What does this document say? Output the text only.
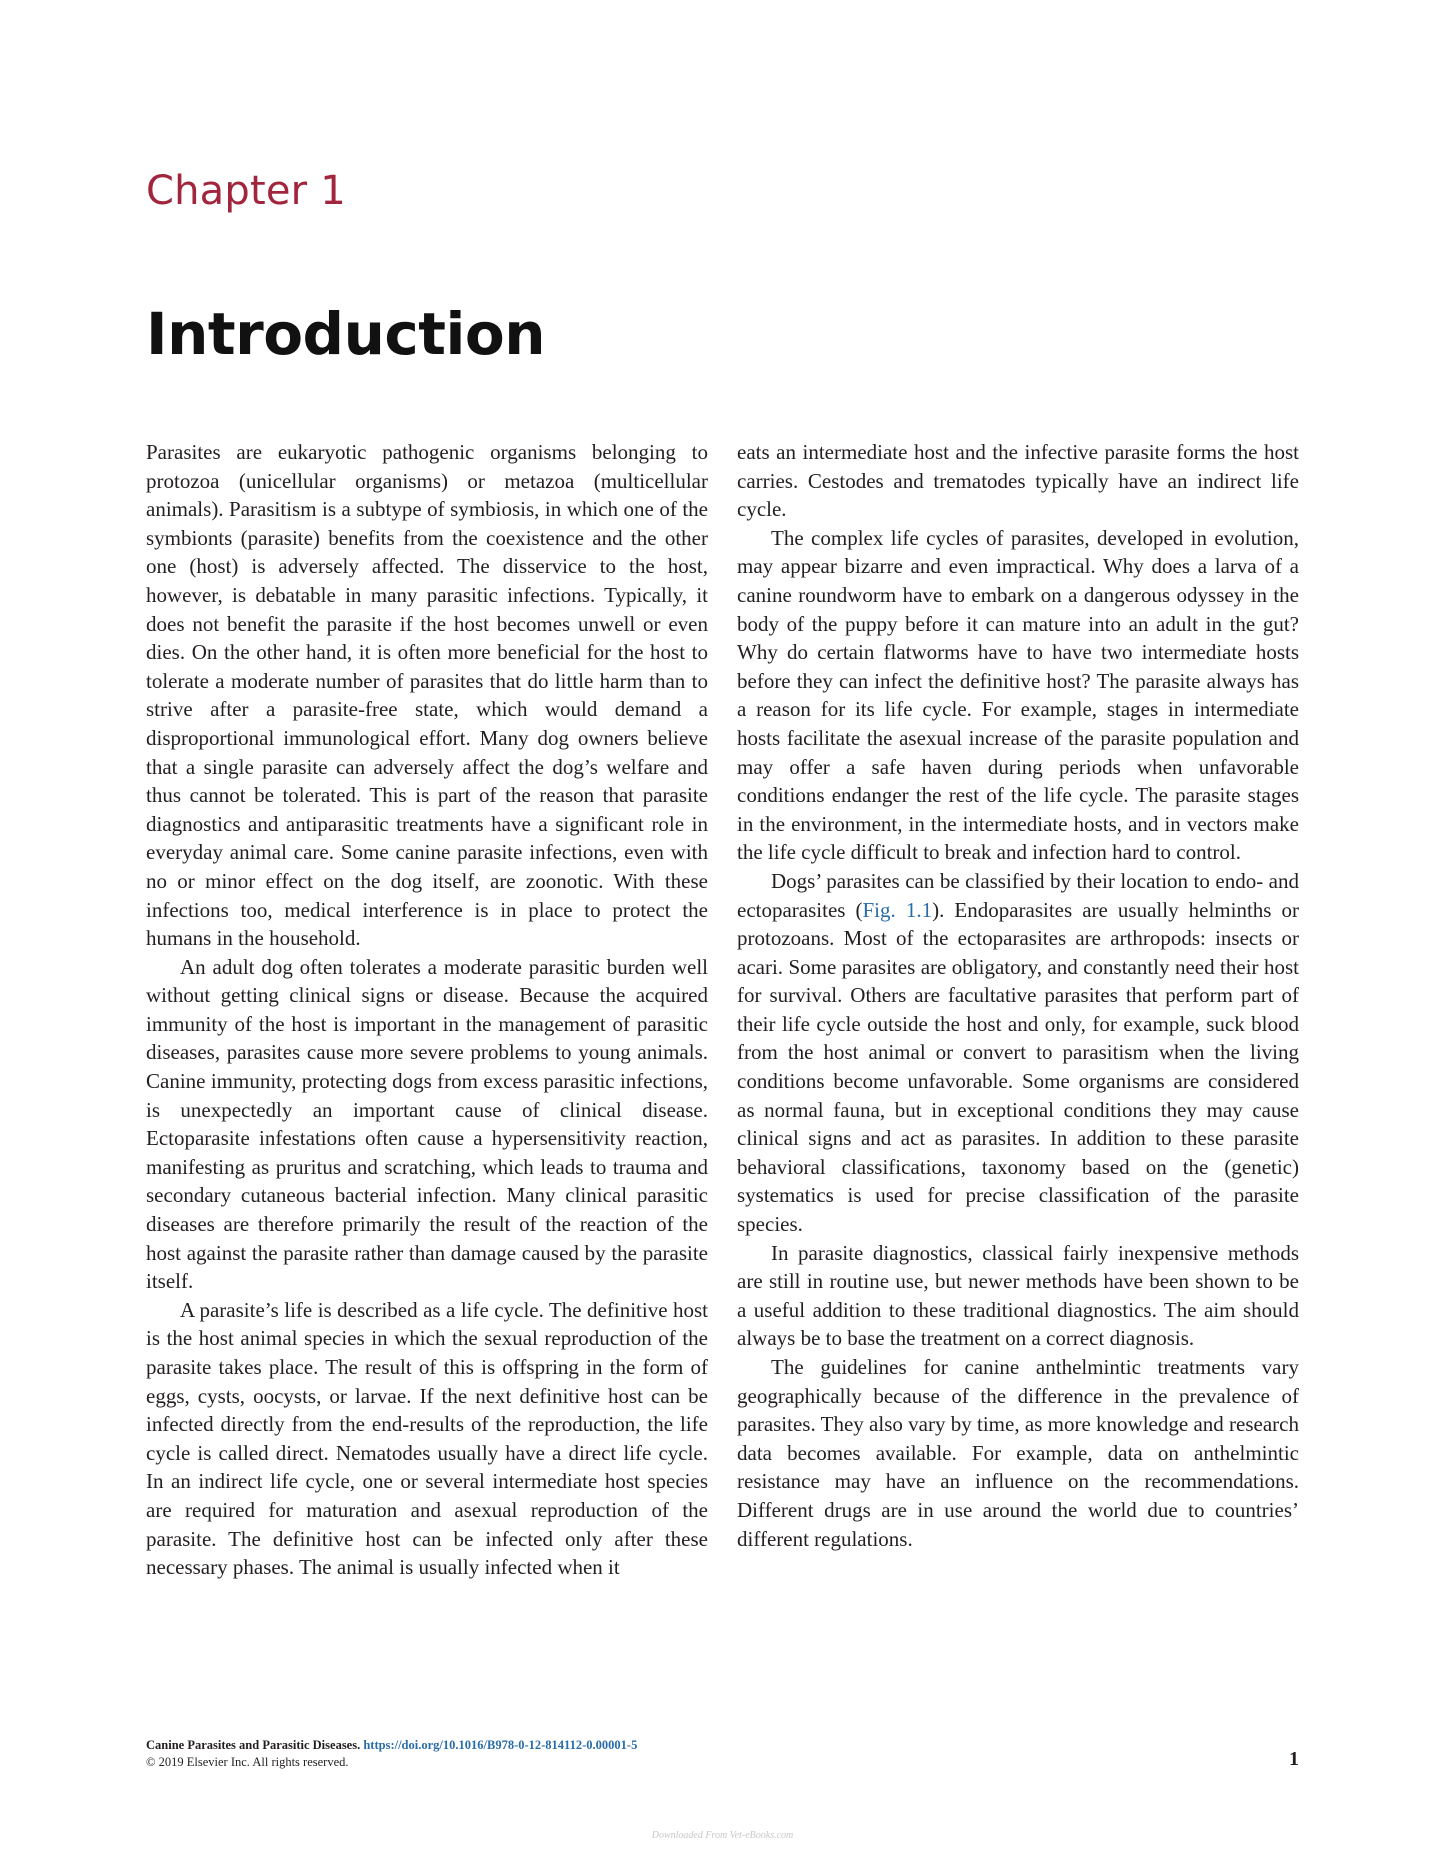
Chapter 1
Introduction

Parasites are eukaryotic pathogenic organisms belonging to protozoa (unicellular organisms) or metazoa (multicellular animals). Parasitism is a subtype of symbiosis, in which one of the symbionts (parasite) benefits from the coexistence and the other one (host) is adversely affected. The disservice to the host, however, is debatable in many parasitic infections. Typically, it does not benefit the parasite if the host becomes unwell or even dies. On the other hand, it is often more beneficial for the host to tolerate a moderate number of parasites that do little harm than to strive after a parasite-free state, which would demand a disproportional immunological effort. Many dog owners believe that a single parasite can adversely affect the dog’s welfare and thus cannot be tolerated. This is part of the reason that parasite diagnostics and antiparasitic treatments have a significant role in everyday animal care. Some canine parasite infections, even with no or minor effect on the dog itself, are zoonotic. With these infections too, medical interference is in place to protect the humans in the household.

An adult dog often tolerates a moderate parasitic burden well without getting clinical signs or disease. Because the acquired immunity of the host is important in the management of parasitic diseases, parasites cause more severe problems to young animals. Canine immunity, protecting dogs from excess parasitic infections, is unexpectedly an important cause of clinical disease. Ectoparasite infestations often cause a hypersensitivity reaction, manifesting as pruritus and scratching, which leads to trauma and secondary cutaneous bacterial infection. Many clinical parasitic diseases are therefore primarily the result of the reaction of the host against the parasite rather than damage caused by the parasite itself.

A parasite’s life is described as a life cycle. The definitive host is the host animal species in which the sexual reproduction of the parasite takes place. The result of this is offspring in the form of eggs, cysts, oocysts, or larvae. If the next definitive host can be infected directly from the end-results of the reproduction, the life cycle is called direct. Nematodes usually have a direct life cycle. In an indirect life cycle, one or several intermediate host species are required for maturation and asexual reproduction of the parasite. The definitive host can be infected only after these necessary phases. The animal is usually infected when it

eats an intermediate host and the infective parasite forms the host carries. Cestodes and trematodes typically have an indirect life cycle.

The complex life cycles of parasites, developed in evolution, may appear bizarre and even impractical. Why does a larva of a canine roundworm have to embark on a dangerous odyssey in the body of the puppy before it can mature into an adult in the gut? Why do certain flatworms have to have two intermediate hosts before they can infect the definitive host? The parasite always has a reason for its life cycle. For example, stages in intermediate hosts facilitate the asexual increase of the parasite population and may offer a safe haven during periods when unfavorable conditions endanger the rest of the life cycle. The parasite stages in the environment, in the intermediate hosts, and in vectors make the life cycle difficult to break and infection hard to control.

Dogs’ parasites can be classified by their location to endo- and ectoparasites (Fig. 1.1). Endoparasites are usually helminths or protozoans. Most of the ectoparasites are arthropods: insects or acari. Some parasites are obligatory, and constantly need their host for survival. Others are facultative parasites that perform part of their life cycle outside the host and only, for example, suck blood from the host animal or convert to parasitism when the living conditions become unfavorable. Some organisms are considered as normal fauna, but in exceptional conditions they may cause clinical signs and act as parasites. In addition to these parasite behavioral classifications, taxonomy based on the (genetic) systematics is used for precise classification of the parasite species.

In parasite diagnostics, classical fairly inexpensive methods are still in routine use, but newer methods have been shown to be a useful addition to these traditional diagnostics. The aim should always be to base the treatment on a correct diagnosis.

The guidelines for canine anthelmintic treatments vary geographically because of the difference in the prevalence of parasites. They also vary by time, as more knowledge and research data becomes available. For example, data on anthelmintic resistance may have an influence on the recommendations. Different drugs are in use around the world due to countries’ different regulations.

Canine Parasites and Parasitic Diseases. https://doi.org/10.1016/B978-0-12-814112-0.00001-5
© 2019 Elsevier Inc. All rights reserved.	1
Downloaded From Vet-eBooks.com
